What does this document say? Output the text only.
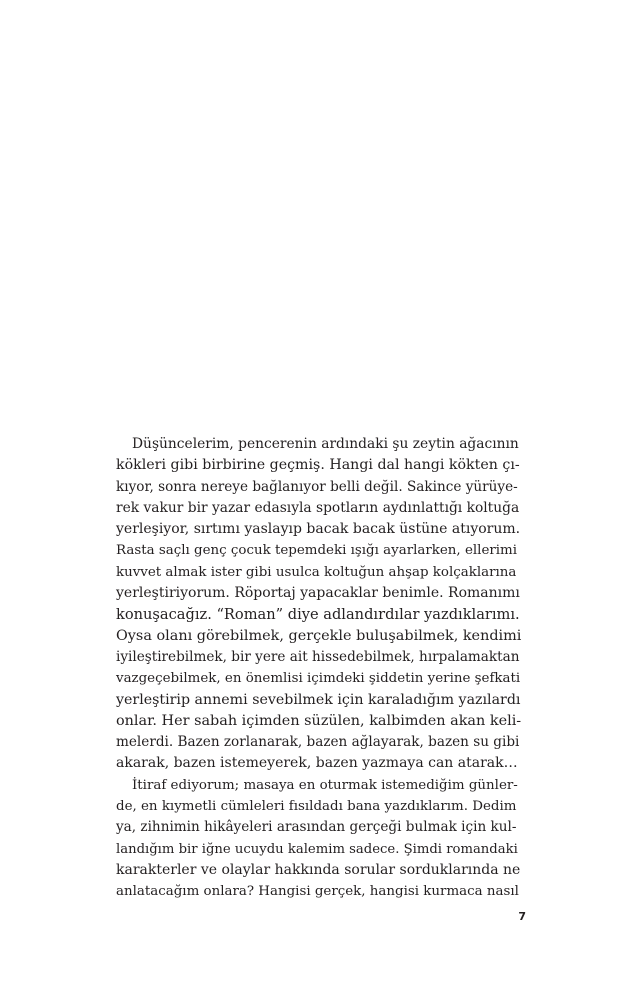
Düşüncelerim, pencerenin ardındaki şu zeytin ağacının
kökleri gibi birbirine geçmiş. Hangi dal hangi kökten çı-
kıyor, sonra nereye bağlanıyor belli değil. Sakince yürüye-
rek vakur bir yazar edasıyla spotların aydınlattığı koltuğa
yerleşiyor, sırtımı yaslayıp bacak bacak üstüne atıyorum.
Rasta saçlı genç çocuk tepemdeki ışığı ayarlarken, ellerimi
kuvvet almak ister gibi usulca koltuğun ahşap kolçaklarına
yerleştiriyorum. Röportaj yapacaklar benimle. Romanımı
konuşacağız. “Roman” diye adlandırdılar yazdıklarımı.
Oysa olanı görebilmek, gerçekle buluşabilmek, kendimi
iyileştirebilmek, bir yere ait hissedebilmek, hırpalamaktan
vazgeçebilmek, en önemlisi içimdeki şiddetin yerine şefkati
yerleştirip annemi sevebilmek için karaladığım yazılardı
onlar. Her sabah içimden süzülen, kalbimden akan keli-
melerdi. Bazen zorlanarak, bazen ağlayarak, bazen su gibi
akarak, bazen istemeyerek, bazen yazmaya can atarak…
İtiraf ediyorum; masaya en oturmak istemediğim günler-
de, en kıymetli cümleleri fısıldadı bana yazdıklarım. Dedim
ya, zihnimin hikâyeleri arasından gerçeği bulmak için kul-
landığım bir iğne ucuydu kalemim sadece. Şimdi romandaki
karakterler ve olaylar hakkında sorular sorduklarında ne
anlatacağım onlara? Hangisi gerçek, hangisi kurmaca nasıl
7
